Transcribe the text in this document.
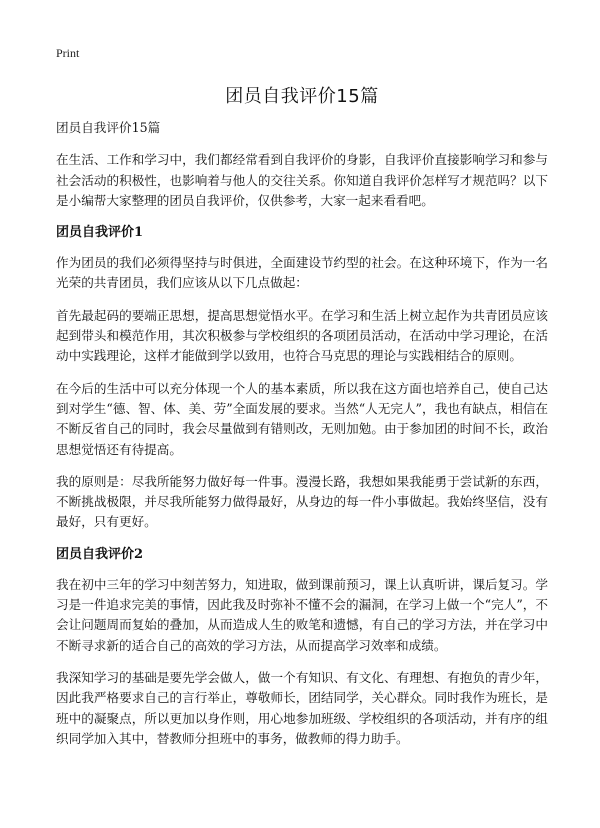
Print
团员自我评价15篇

团员自我评价15篇

在生活、工作和学习中，我们都经常看到自我评价的身影，自我评价直接影响学习和参与社会活动的积极性，也影响着与他人的交往关系。你知道自我评价怎样写才规范吗？以下是小编帮大家整理的团员自我评价，仅供参考，大家一起来看看吧。

团员自我评价1

作为团员的我们必须得坚持与时俱进，全面建设节约型的社会。在这种环境下，作为一名光荣的共青团员，我们应该从以下几点做起：

首先最起码的要端正思想，提高思想觉悟水平。在学习和生活上树立起作为共青团员应该起到带头和模范作用，其次积极参与学校组织的各项团员活动，在活动中学习理论，在活动中实践理论，这样才能做到学以致用，也符合马克思的理论与实践相结合的原则。

在今后的生活中可以充分体现一个人的基本素质，所以我在这方面也培养自己，使自己达到对学生“德、智、体、美、劳”全面发展的要求。当然“人无完人”，我也有缺点，相信在不断反省自己的同时，我会尽量做到有错则改，无则加勉。由于参加团的时间不长，政治思想觉悟还有待提高。

我的原则是：尽我所能努力做好每一件事。漫漫长路，我想如果我能勇于尝试新的东西，不断挑战极限，并尽我所能努力做得最好，从身边的每一件小事做起。我始终坚信，没有最好，只有更好。

团员自我评价2

我在初中三年的学习中刻苦努力，知进取，做到课前预习，课上认真听讲，课后复习。学习是一件追求完美的事情，因此我及时弥补不懂不会的漏洞，在学习上做一个“完人”，不会让问题周而复始的叠加，从而造成人生的败笔和遗憾，有自己的学习方法，并在学习中不断寻求新的适合自己的高效的学习方法，从而提高学习效率和成绩。

我深知学习的基础是要先学会做人，做一个有知识、有文化、有理想、有抱负的青少年，因此我严格要求自己的言行举止，尊敬师长，团结同学，关心群众。同时我作为班长，是班中的凝聚点，所以更加以身作则，用心地参加班级、学校组织的各项活动，并有序的组织同学加入其中，替教师分担班中的事务，做教师的得力助手。
